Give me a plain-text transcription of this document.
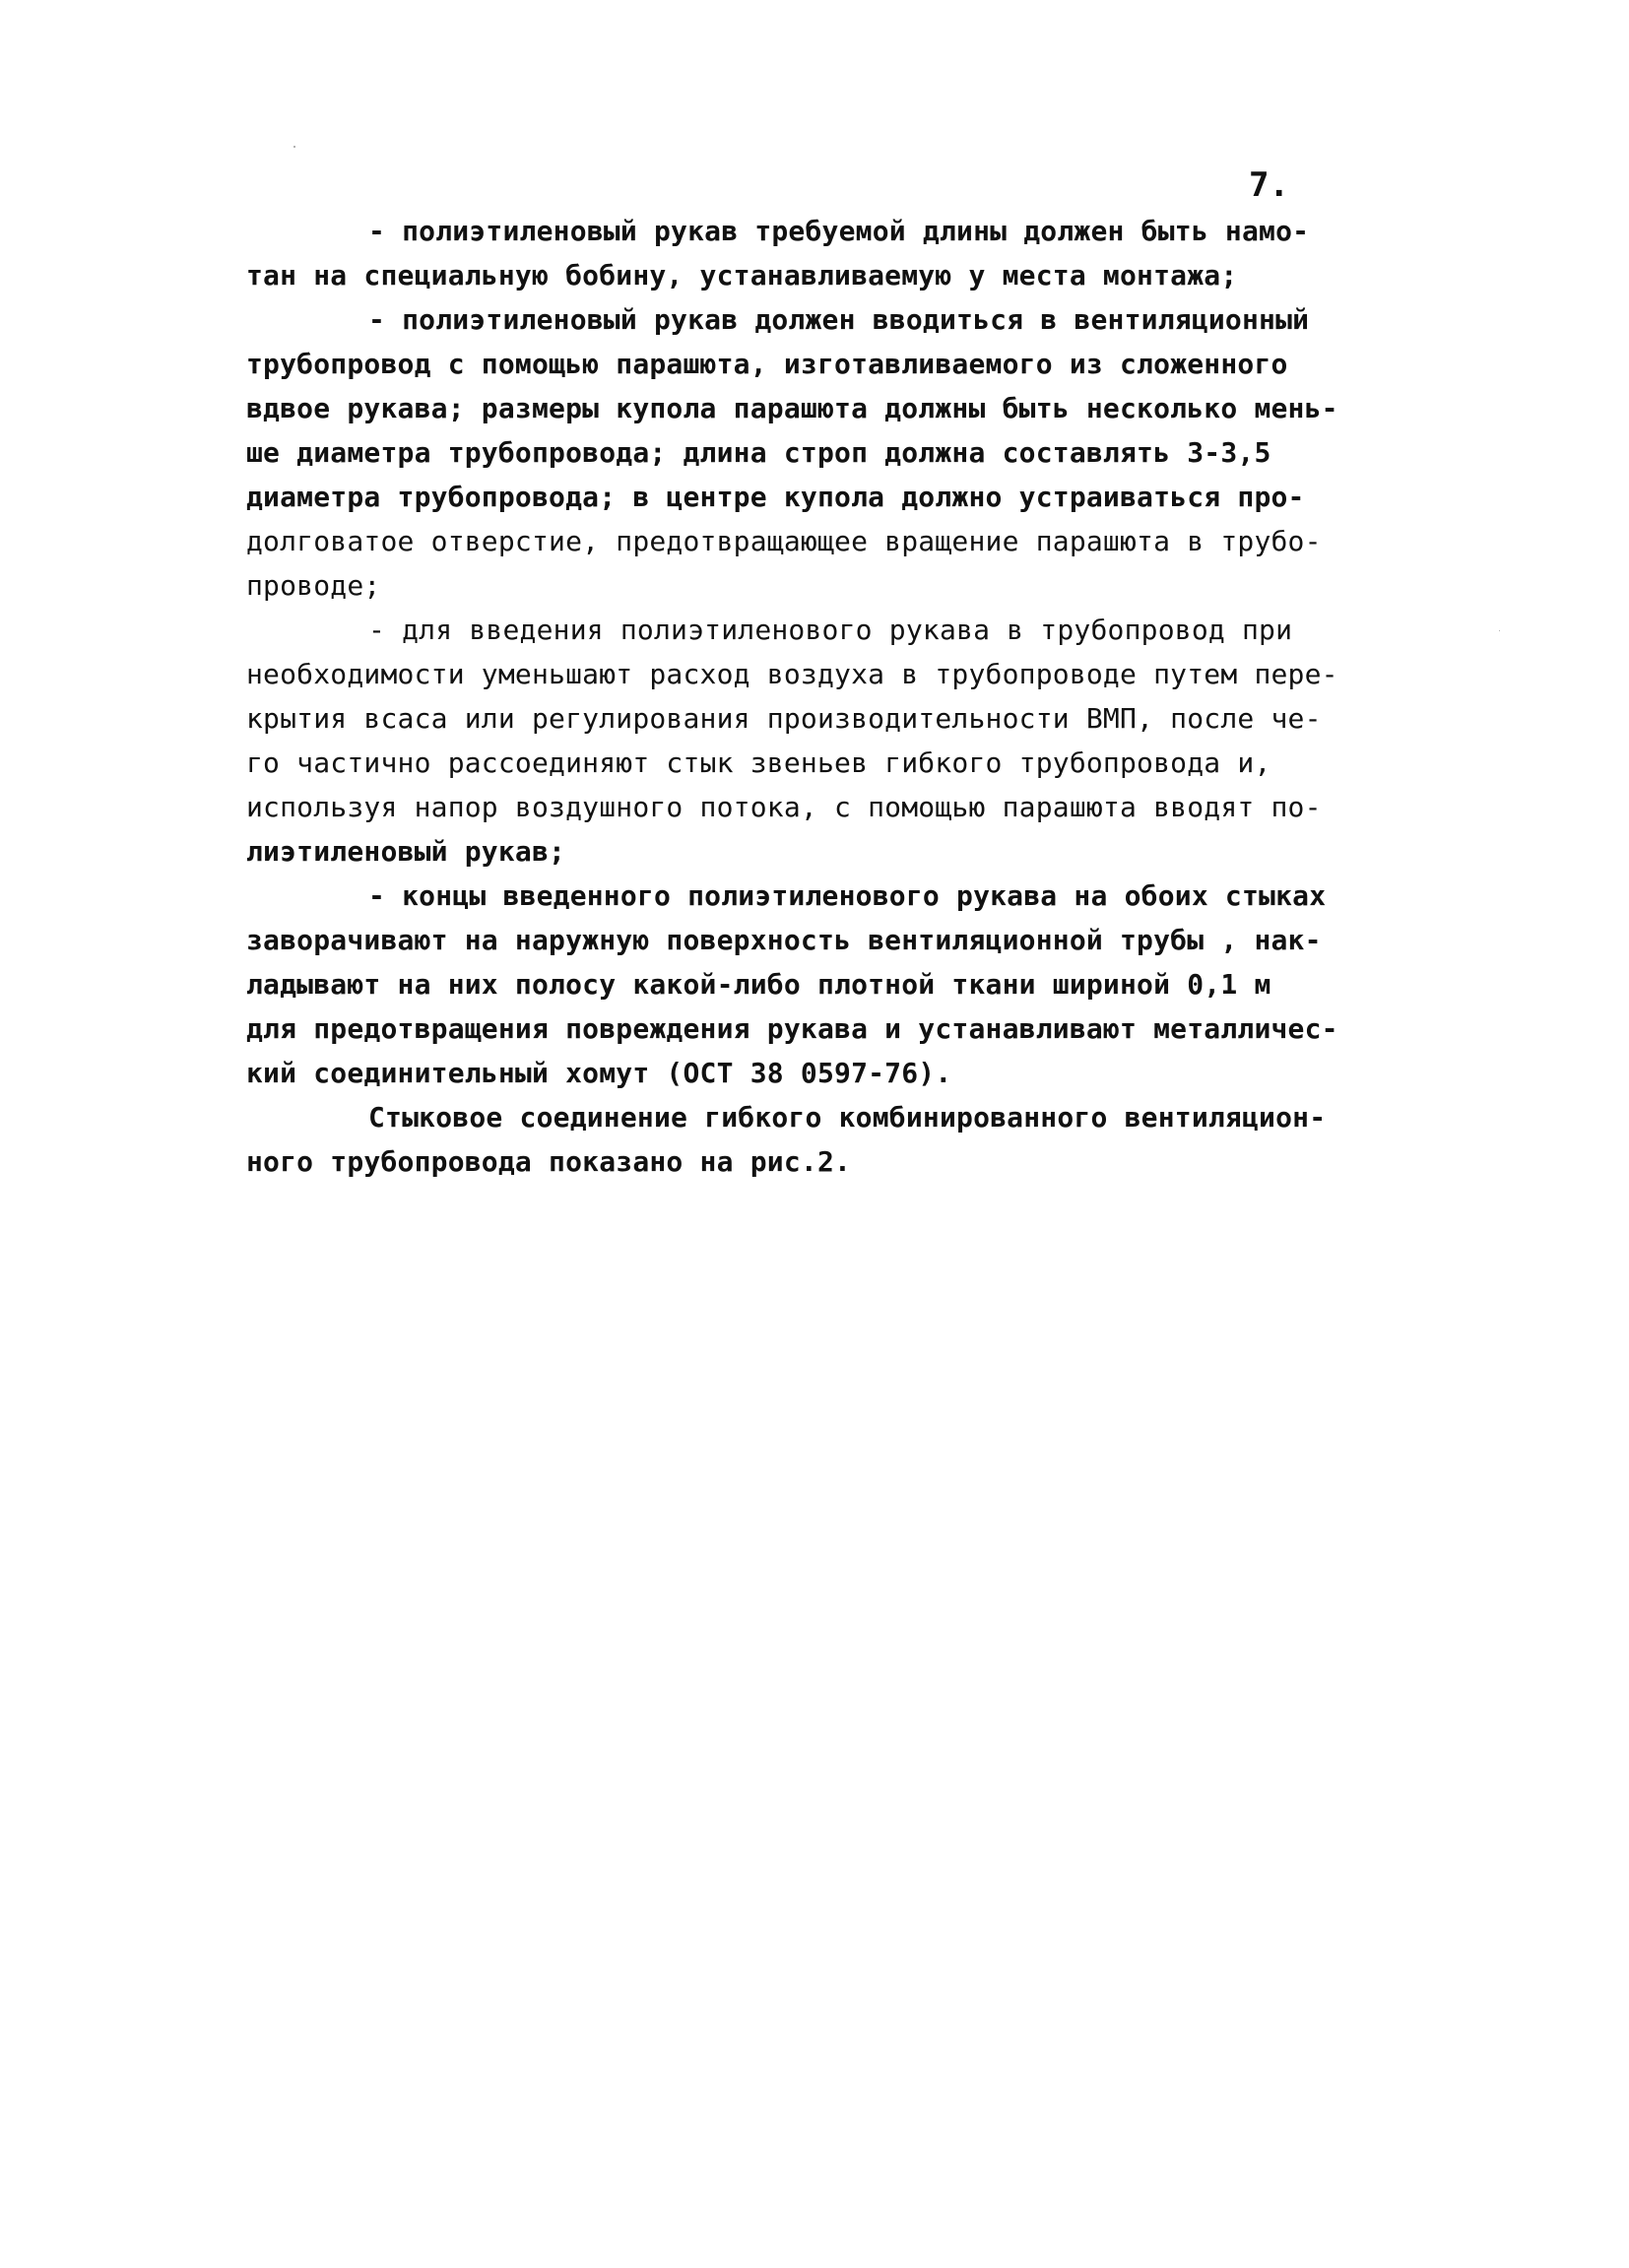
7.
- полиэтиленовый рукав требуемой длины должен быть намо-
тан на специальную бобину, устанавливаемую у места монтажа;
- полиэтиленовый рукав должен вводиться в вентиляционный
трубопровод с помощью парашюта, изготавливаемого из сложенного
вдвое рукава; размеры купола парашюта должны быть несколько мень-
ше диаметра трубопровода; длина строп должна составлять 3-3,5
диаметра трубопровода; в центре купола должно устраиваться про-
долговатое отверстие, предотвращающее вращение парашюта в трубо-
проводе;
- для введения полиэтиленового рукава в трубопровод при
необходимости уменьшают расход воздуха в трубопроводе путем пере-
крытия всаса или регулирования производительности ВМП, после че-
го частично рассоединяют стык звеньев гибкого трубопровода и,
используя напор воздушного потока, с помощью парашюта вводят по-
лиэтиленовый рукав;
- концы введенного полиэтиленового рукава на обоих стыках
заворачивают на наружную поверхность вентиляционной трубы , нак-
ладывают на них полосу какой-либо плотной ткани шириной 0,1 м
для предотвращения повреждения рукава и устанавливают металличес-
кий соединительный хомут (ОСТ 38 0597-76).
Стыковое соединение гибкого комбинированного вентиляцион-
ного трубопровода показано на рис.2.
